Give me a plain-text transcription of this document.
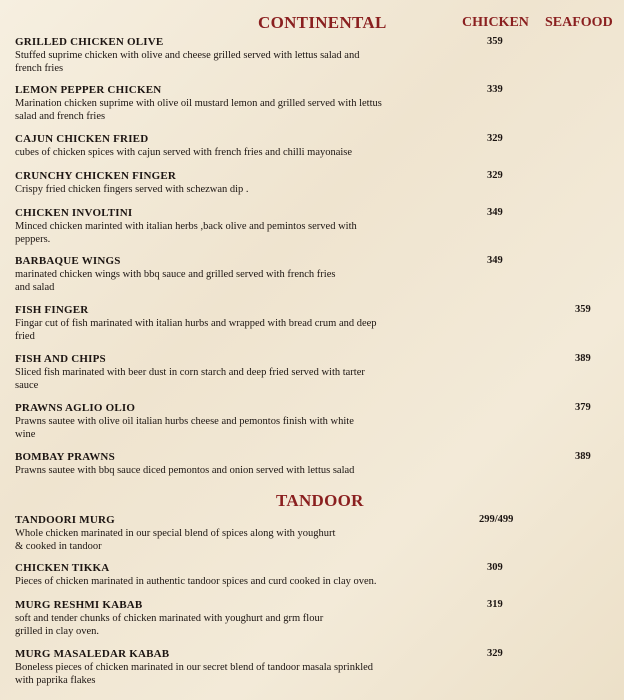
CONTINENTAL	CHICKEN SEAFOOD
GRILLED CHICKEN OLIVE
Stuffed suprime chicken with olive and cheese grilled served with lettus salad and french fries
359
LEMON PEPPER CHICKEN
Marination chicken suprime with olive oil mustard lemon and grilled served with lettus salad and french fries
339
CAJUN CHICKEN FRIED
cubes of chicken spices with cajun served with french fries and chilli mayonaise
329
CRUNCHY CHICKEN FINGER
Crispy fried chicken fingers served with schezwan dip .
329
CHICKEN INVOLTINI
Minced chicken marinted with italian herbs ,back olive and pemintos served with peppers.
349
BARBAQUE WINGS
marinated chicken wings with bbq sauce and grilled served with french fries and salad
349
FISH FINGER
Fingar cut of fish marinated with italian hurbs and wrapped with bread crum and deep fried
359
FISH AND CHIPS
Sliced fish marinated with beer dust in corn starch and deep fried served with tarter sauce
389
PRAWNS AGLIO OLIO
Prawns sautee with olive oil italian hurbs cheese and pemontos finish with white wine
379
BOMBAY PRAWNS
Prawns sautee with bbq sauce diced pemontos and onion served with lettus salad
389
TANDOOR
TANDOORI MURG
Whole chicken marinated in our special blend of spices along with youghurt & cooked in tandoor
299/499
CHICKEN TIKKA
Pieces of chicken marinated in authentic tandoor spices and curd cooked in clay oven.
309
MURG RESHMI KABAB
soft and tender chunks of chicken marinated with youghurt and grm flour grilled in clay oven.
319
MURG MASALEDAR KABAB
Boneless pieces of chicken marinated in our secret blend of tandoor masala sprinkled with paprika flakes
329
